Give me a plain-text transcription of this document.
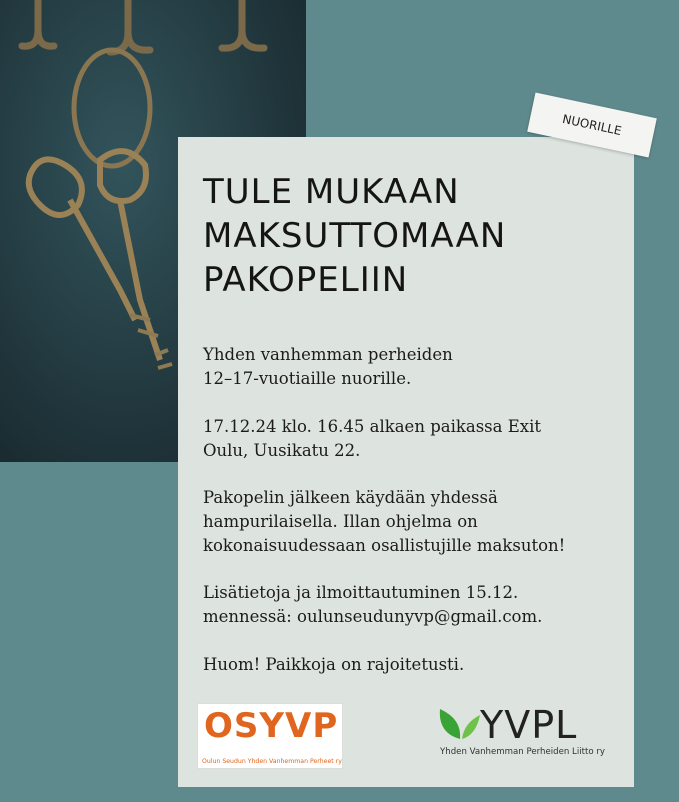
NUORILLE
TULE MUKAAN
MAKSUTTOMAAN
PAKOPELIIN

Yhden vanhemman perheiden
12–17-vuotiaille nuorille.

17.12.24 klo. 16.45 alkaen paikassa Exit
Oulu, Uusikatu 22.

Pakopelin jälkeen käydään yhdessä
hampurilaisella. Illan ohjelma on
kokonaisuudessaan osallistujille maksuton!

Lisätietoja ja ilmoittautuminen 15.12.
mennessä: oulunseudunyvp@gmail.com.

Huom! Paikkoja on rajoitetusti.

OSYVP
Oulun Seudun Yhden Vanhemman Perheet ry
YVPL
Yhden Vanhemman Perheiden Liitto ry
